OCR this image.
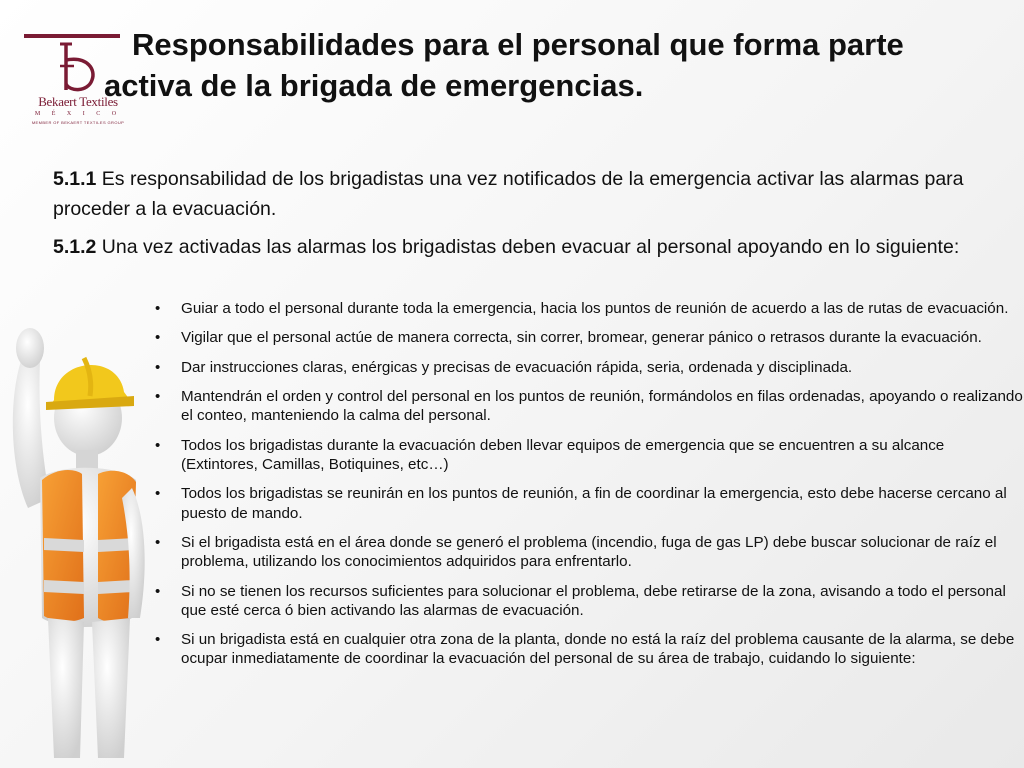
Bekaert Textiles
M É X I C O
MEMBER OF BEKAERT TEXTILES GROUP
Responsabilidades para el personal que forma parte
activa de la brigada de emergencias.

5.1.1 Es responsabilidad de los brigadistas una vez notificados de la emergencia activar las alarmas para proceder a la evacuación.

5.1.2 Una vez activadas las alarmas los brigadistas deben evacuar al personal apoyando en lo siguiente:

• Guiar a todo el personal durante toda la emergencia, hacia los puntos de reunión de acuerdo a las de rutas de evacuación.
• Vigilar que el personal actúe de manera correcta, sin correr, bromear, generar pánico o retrasos durante la evacuación.
• Dar instrucciones claras, enérgicas y precisas de evacuación rápida, seria, ordenada y disciplinada.
• Mantendrán el orden y control del personal en los puntos de reunión, formándolos en filas ordenadas, apoyando o realizando el conteo, manteniendo la calma del personal.
• Todos los brigadistas durante la evacuación deben llevar equipos de emergencia que se encuentren a su alcance (Extintores, Camillas, Botiquines, etc…)
• Todos los brigadistas se reunirán en los puntos de reunión, a fin de coordinar la emergencia, esto debe hacerse cercano al puesto de mando.
• Si el brigadista está en el área donde se generó el problema (incendio, fuga de gas LP) debe buscar solucionar de raíz el problema, utilizando los conocimientos adquiridos para enfrentarlo.
• Si no se tienen los recursos suficientes para solucionar el problema, debe retirarse de la zona, avisando a todo el personal que esté cerca ó bien activando las alarmas de evacuación.
• Si un brigadista está en cualquier otra zona de la planta, donde no está la raíz del problema causante de la alarma, se debe ocupar inmediatamente de coordinar la evacuación del personal de su área de trabajo, cuidando lo siguiente:
